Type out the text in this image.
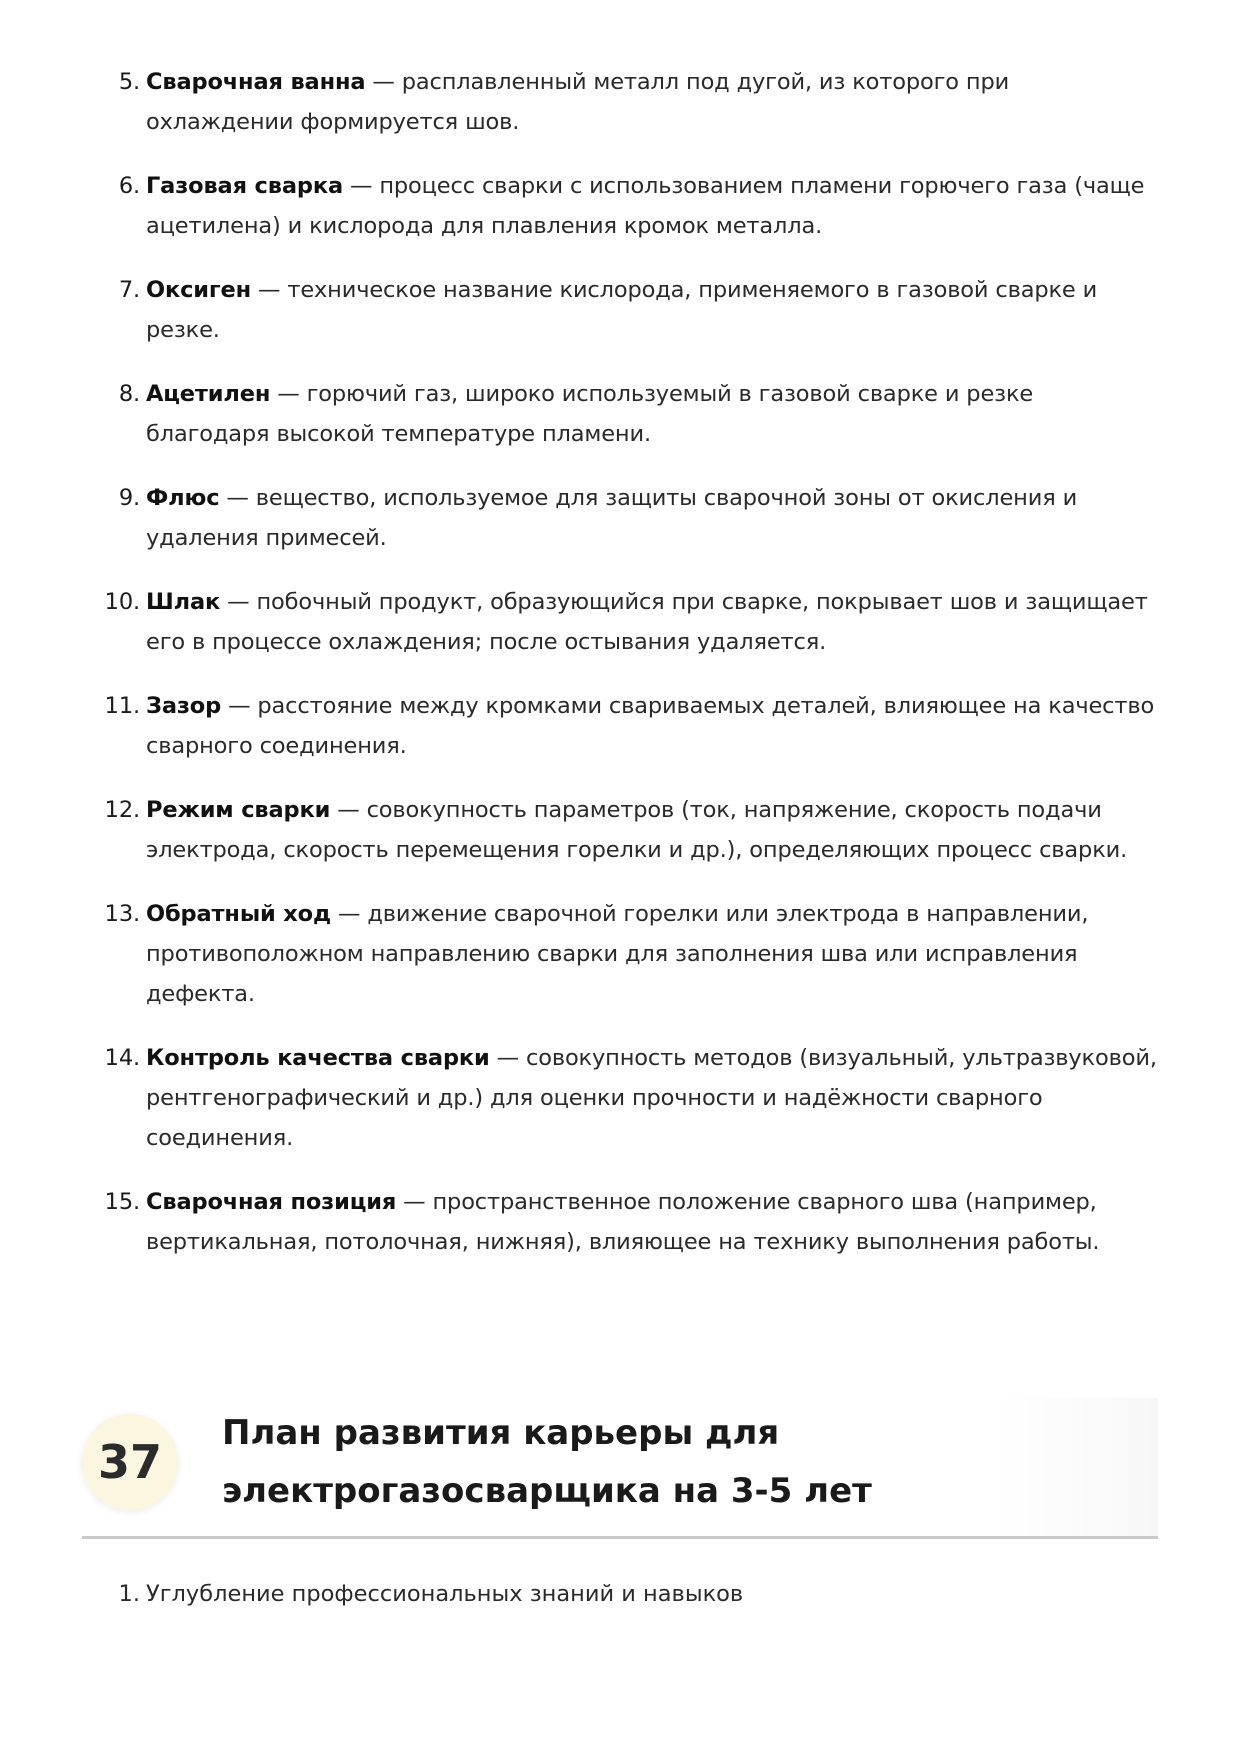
5. Сварочная ванна — расплавленный металл под дугой, из которого при охлаждении формируется шов.
6. Газовая сварка — процесс сварки с использованием пламени горючего газа (чаще ацетилена) и кислорода для плавления кромок металла.
7. Оксиген — техническое название кислорода, применяемого в газовой сварке и резке.
8. Ацетилен — горючий газ, широко используемый в газовой сварке и резке благодаря высокой температуре пламени.
9. Флюс — вещество, используемое для защиты сварочной зоны от окисления и удаления примесей.
10. Шлак — побочный продукт, образующийся при сварке, покрывает шов и защищает его в процессе охлаждения; после остывания удаляется.
11. Зазор — расстояние между кромками свариваемых деталей, влияющее на качество сварного соединения.
12. Режим сварки — совокупность параметров (ток, напряжение, скорость подачи электрода, скорость перемещения горелки и др.), определяющих процесс сварки.
13. Обратный ход — движение сварочной горелки или электрода в направлении, противоположном направлению сварки для заполнения шва или исправления дефекта.
14. Контроль качества сварки — совокупность методов (визуальный, ультразвуковой, рентгенографический и др.) для оценки прочности и надёжности сварного соединения.
15. Сварочная позиция — пространственное положение сварного шва (например, вертикальная, потолочная, нижняя), влияющее на технику выполнения работы.
37
План развития карьеры для электрогазосварщика на 3-5 лет
1. Углубление профессиональных знаний и навыков
